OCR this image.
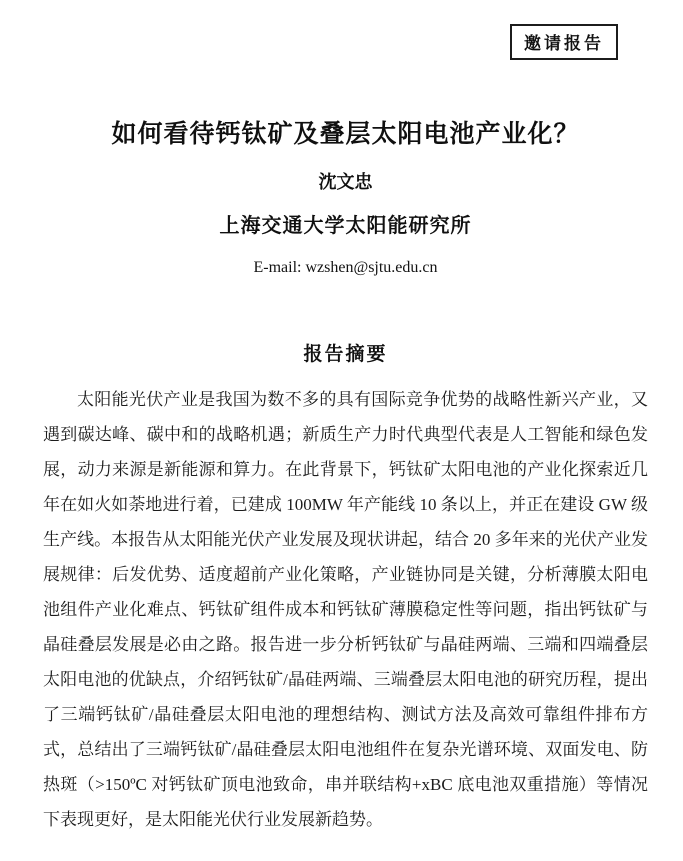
邀请报告
如何看待钙钛矿及叠层太阳电池产业化？
沈文忠
上海交通大学太阳能研究所
E-mail: wzshen@sjtu.edu.cn
报告摘要

太阳能光伏产业是我国为数不多的具有国际竞争优势的战略性新兴产业，又遇到碳达峰、碳中和的战略机遇；新质生产力时代典型代表是人工智能和绿色发展，动力来源是新能源和算力。在此背景下，钙钛矿太阳电池的产业化探索近几年在如火如荼地进行着，已建成 100MW 年产能线 10 条以上，并正在建设 GW 级生产线。本报告从太阳能光伏产业发展及现状讲起，结合 20 多年来的光伏产业发展规律：后发优势、适度超前产业化策略，产业链协同是关键，分析薄膜太阳电池组件产业化难点、钙钛矿组件成本和钙钛矿薄膜稳定性等问题，指出钙钛矿与晶硅叠层发展是必由之路。报告进一步分析钙钛矿与晶硅两端、三端和四端叠层太阳电池的优缺点，介绍钙钛矿/晶硅两端、三端叠层太阳电池的研究历程，提出了三端钙钛矿/晶硅叠层太阳电池的理想结构、测试方法及高效可靠组件排布方式，总结出了三端钙钛矿/晶硅叠层太阳电池组件在复杂光谱环境、双面发电、防热斑（>150ºC 对钙钛矿顶电池致命，串并联结构+xBC 底电池双重措施）等情况下表现更好，是太阳能光伏行业发展新趋势。
